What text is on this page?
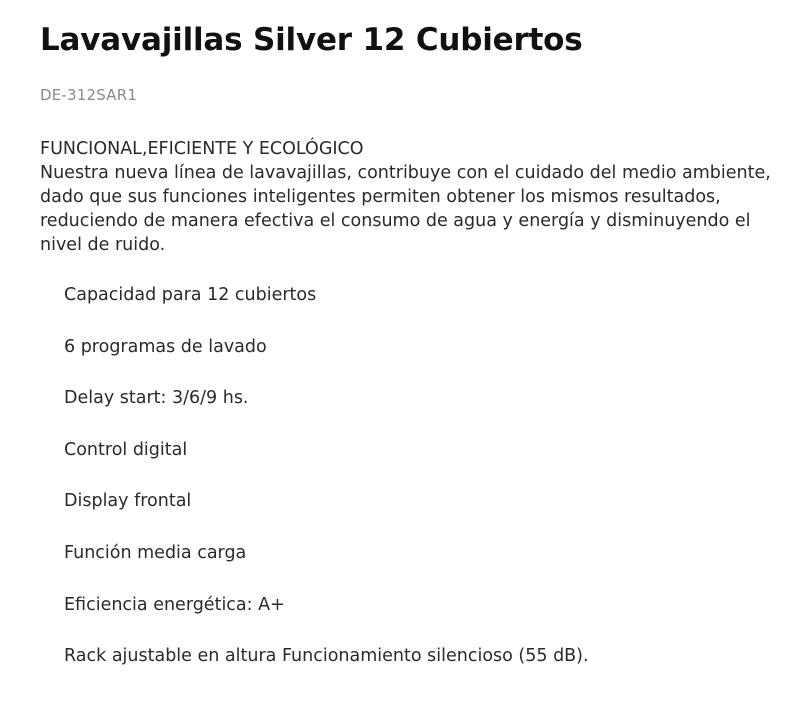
Lavavajillas Silver 12 Cubiertos
DE-312SAR1
FUNCIONAL,EFICIENTE Y ECOLÓGICO
Nuestra nueva línea de lavavajillas, contribuye con el cuidado del medio ambiente, dado que sus funciones inteligentes permiten obtener los mismos resultados, reduciendo de manera efectiva el consumo de agua y energía y disminuyendo el nivel de ruido.
Capacidad para 12 cubiertos
6 programas de lavado
Delay start: 3/6/9 hs.
Control digital
Display frontal
Función media carga
Eficiencia energética: A+
Rack ajustable en altura Funcionamiento silencioso (55 dB).
